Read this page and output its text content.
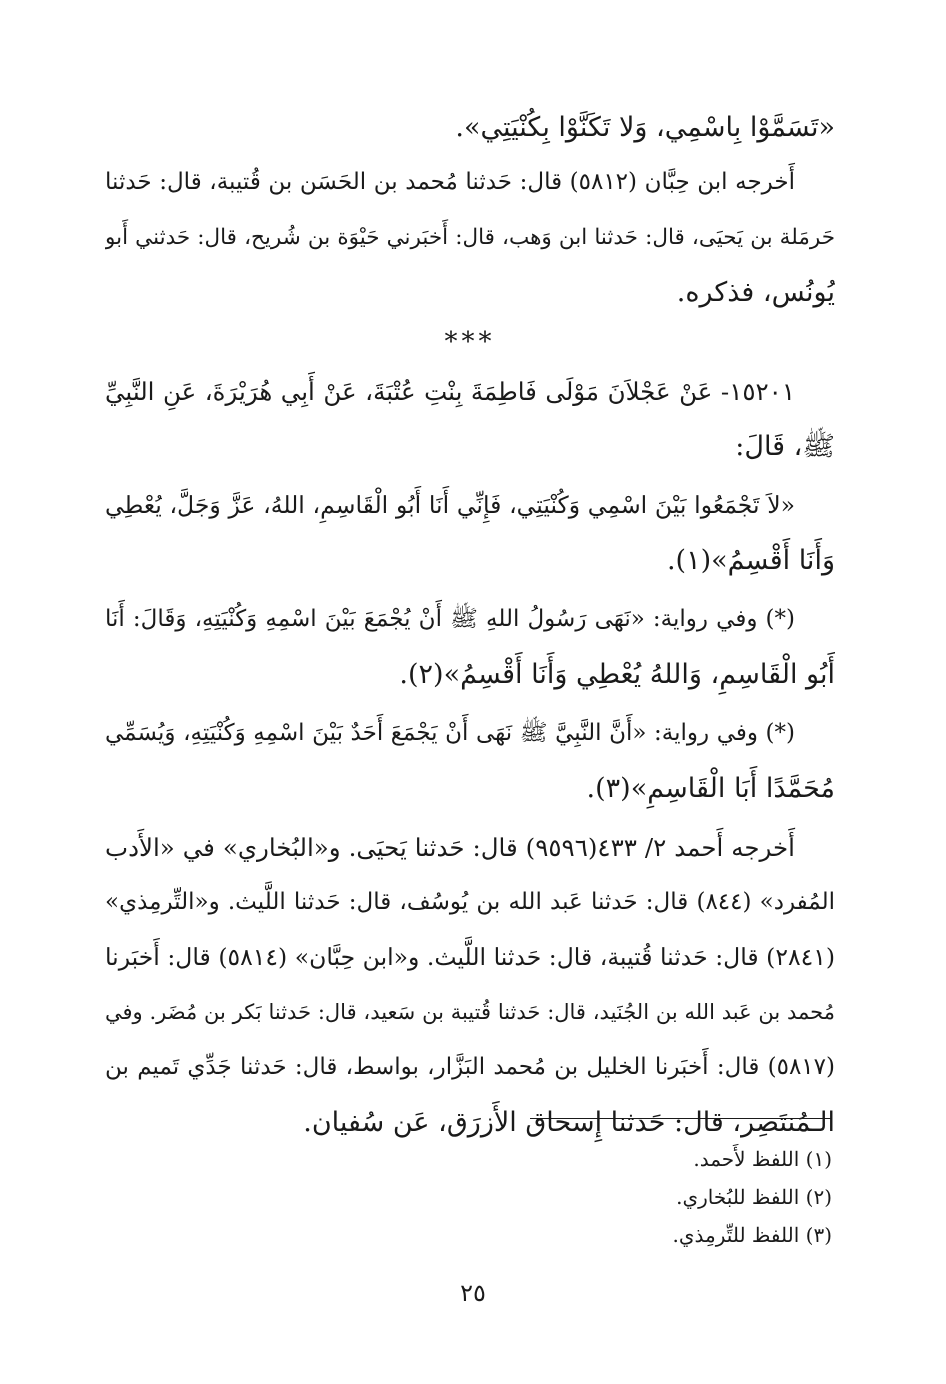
«تَسَمَّوْا بِاسْمِي، وَلا تَكَنَّوْا بِكُنْيَتِي».
أَخرجه ابن حِبَّان (٥٨١٢) قال: حَدثنا مُحمد بن الحَسَن بن قُتيبة، قال: حَدثنا
حَرمَلة بن يَحيَى، قال: حَدثنا ابن وَهب، قال: أَخبَرني حَيْوَة بن شُريح، قال: حَدثني أَبو
يُونُس، فذكره.
***
١٥٢٠١- عَنْ عَجْلاَنَ مَوْلَى فَاطِمَةَ بِنْتِ عُتْبَةَ، عَنْ أَبِي هُرَيْرَةَ، عَنِ النَّبِيِّ
ﷺ، قَالَ:
«لاَ تَجْمَعُوا بَيْنَ اسْمِي وَكُنْيَتِي، فَإِنِّي أَنَا أَبُو الْقَاسِمِ، اللهُ، عَزَّ وَجَلَّ، يُعْطِي
وَأَنَا أَقْسِمُ»(١).
(*) وفي رواية: «نَهَى رَسُولُ اللهِ ﷺ أَنْ يُجْمَعَ بَيْنَ اسْمِهِ وَكُنْيَتِهِ، وَقَالَ: أَنَا
أَبُو الْقَاسِمِ، وَاللهُ يُعْطِي وَأَنَا أَقْسِمُ»(٢).
(*) وفي رواية: «أَنَّ النَّبِيَّ ﷺ نَهَى أَنْ يَجْمَعَ أَحَدٌ بَيْنَ اسْمِهِ وَكُنْيَتِهِ، وَيُسَمِّي
مُحَمَّدًا أَبَا الْقَاسِمِ»(٣).
أَخرجه أَحمد ٢/ ٤٣٣(٩٥٩٦) قال: حَدثنا يَحيَى. و«البُخاري» في «الأَدب
المُفرد» (٨٤٤) قال: حَدثنا عَبد الله بن يُوسُف، قال: حَدثنا اللَّيث. و«التِّرمِذي»
(٢٨٤١) قال: حَدثنا قُتيبة، قال: حَدثنا اللَّيث. و«ابن حِبَّان» (٥٨١٤) قال: أَخبَرنا
مُحمد بن عَبد الله بن الجُنَيد، قال: حَدثنا قُتيبة بن سَعيد، قال: حَدثنا بَكر بن مُضَر. وفي
(٥٨١٧) قال: أَخبَرنا الخليل بن مُحمد البَزَّار، بواسط، قال: حَدثنا جَدِّي تَميم بن
الـمُنتَصِر، قال: حَدثنا إِسحاق الأَزرَق، عَن سُفيان.
(١) اللفظ لأَحمد.
(٢) اللفظ للبُخاري.
(٣) اللفظ للتِّرمِذي.
٢٥
